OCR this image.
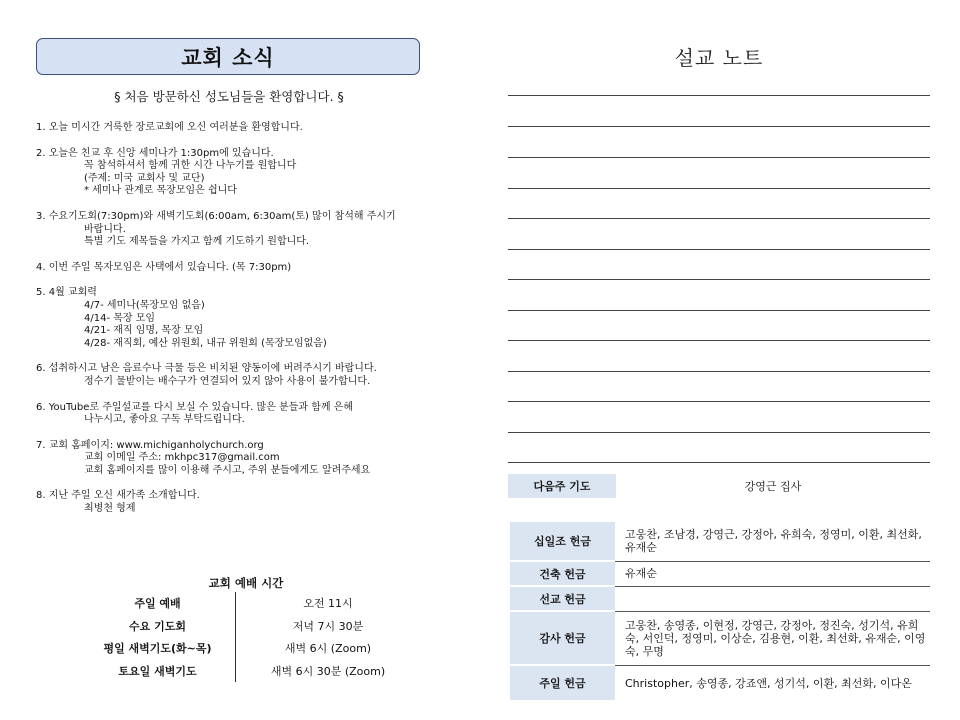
교회 소식
§ 처음 방문하신 성도님들을 환영합니다. §
1. 오늘 미시간 거룩한 장로교회에 오신 여러분을 환영합니다.
2. 오늘은 친교 후 신앙 세미나가 1:30pm에 있습니다.
꼭 참석하셔서 함께 귀한 시간 나누기를 원합니다
(주제: 미국 교회사 및 교단)
* 세미나 관계로 목장모임은 쉽니다
3. 수요기도회(7:30pm)와 새벽기도회(6:00am, 6:30am(토) 많이 참석해 주시기
바랍니다.
특별 기도 제목들을 가지고 함께 기도하기 원합니다.
4. 이번 주일 목자모임은 사택에서 있습니다. (목 7:30pm)
5. 4월 교회력
4/7- 세미나(목장모임 없음)
4/14- 목장 모임
4/21- 재직 임명, 목장 모임
4/28- 재직회, 예산 위원회, 내규 위원회 (목장모임없음)
6. 섭취하시고 남은 음료수나 극물 등은 비치된 양동이에 버려주시기 바랍니다.
정수기 물받이는 배수구가 연결되어 있지 않아 사용이 불가합니다.
6. YouTube로 주일설교를 다시 보실 수 있습니다. 많은 분들과 함께 은혜
나누시고, 좋아요 구독 부탁드립니다.
7. 교회 홈페이지: www.michiganholychurch.org
교회 이메일 주소: mkhpc317@gmail.com
교회 홈페이지를 많이 이용해 주시고, 주위 분들에게도 알려주세요
8. 지난 주일 오신 새가족 소개합니다.
최병천 형제
교회 예배 시간
주일 예배	오전 11시
수요 기도회	저녁 7시 30분
평일 새벽기도(화~목)	새벽 6시 (Zoom)
토요일 새벽기도	새벽 6시 30분 (Zoom)
설교 노트
다음주 기도	강영근 집사
십일조 헌금	고웅찬, 조남경, 강영근, 강정아, 유희숙, 정영미, 이환, 최선화, 유재순
건축 헌금	유재순
선교 헌금	
감사 헌금	고웅찬, 송영종, 이현정, 강영근, 강정아, 정진숙, 성기석, 유희숙, 서인덕, 정영미, 이상순, 김용현, 이환, 최선화, 유재순, 이영숙, 무명
주일 헌금	Christopher, 송영종, 강죠앤, 성기석, 이환, 최선화, 이다온
